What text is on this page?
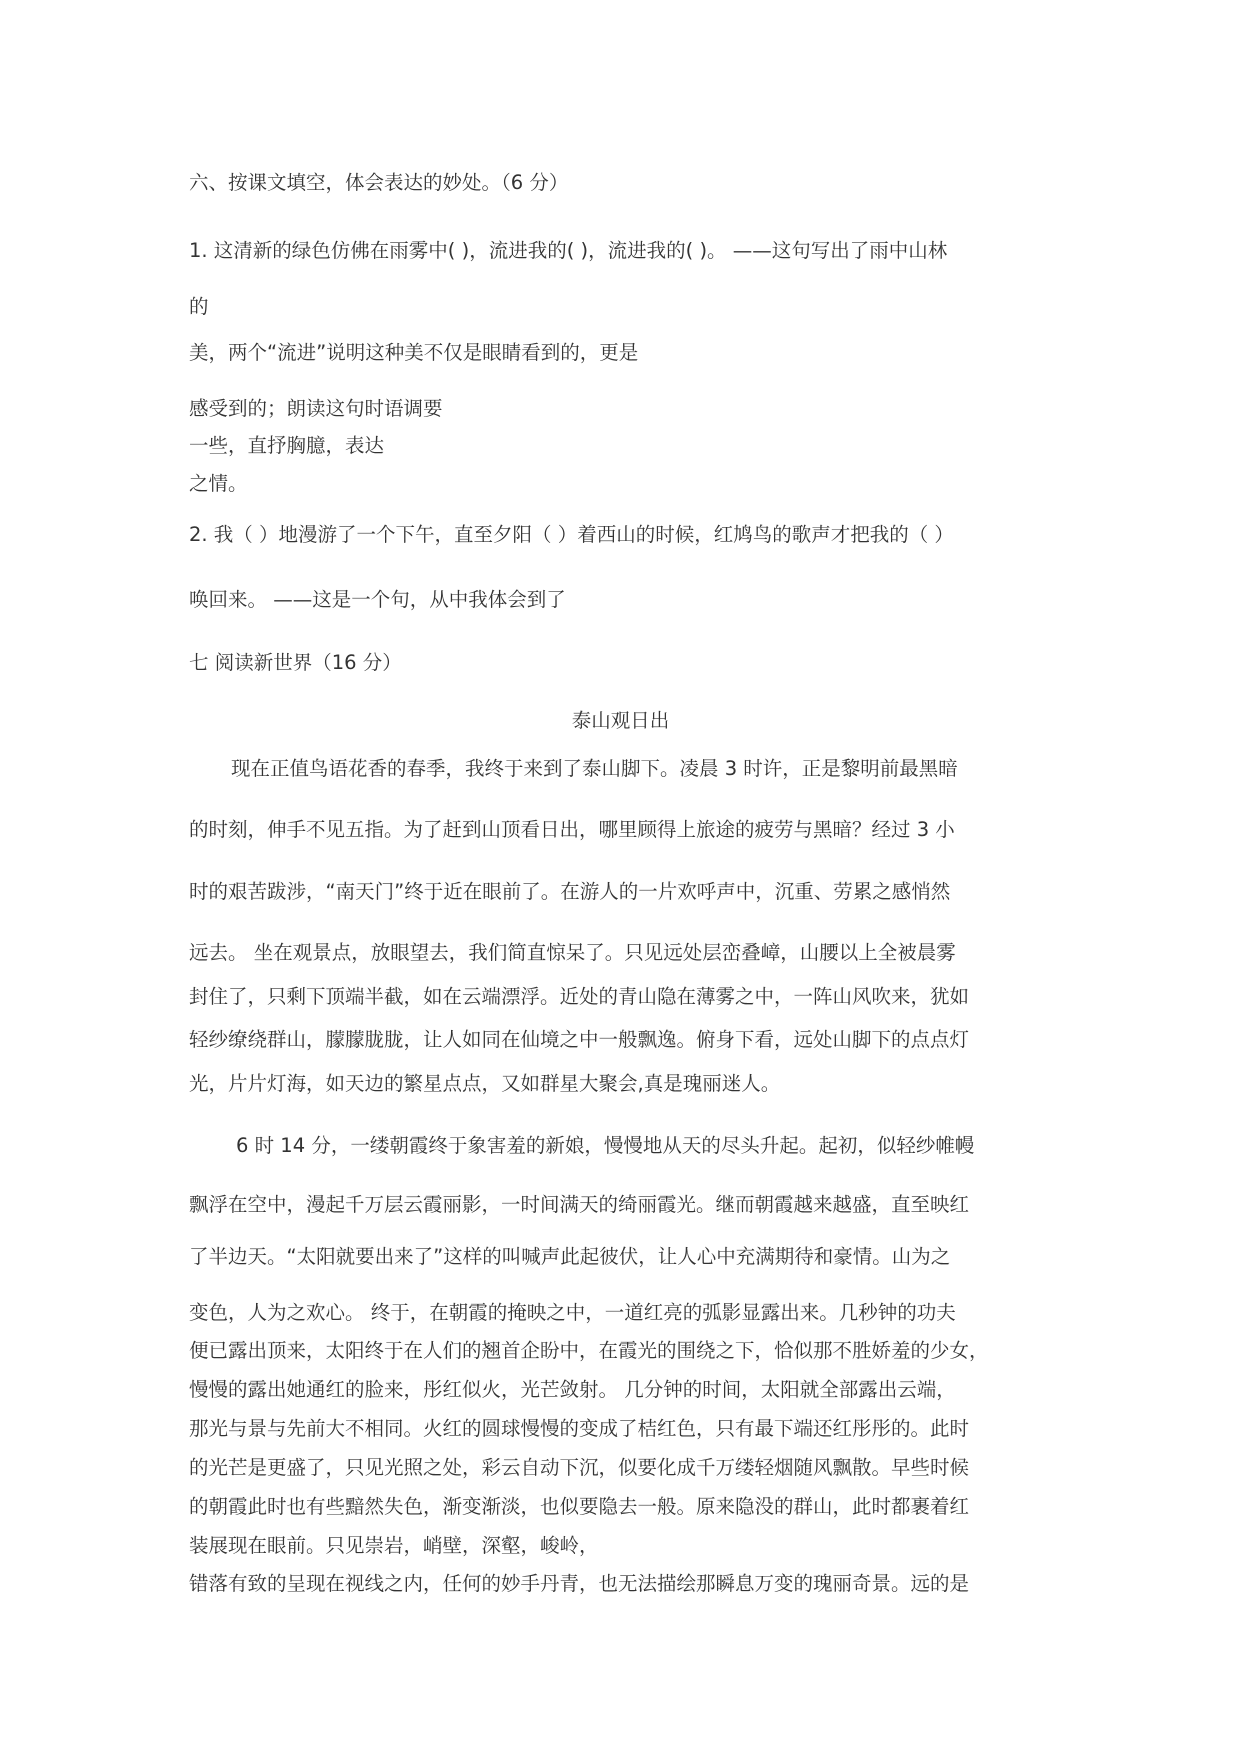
六、按课文填空，体会表达的妙处。（6 分）
1. 这清新的绿色仿佛在雨雾中( )，流进我的( )，流进我的( )。 ——这句写出了雨中山林
的
美，两个“流进”说明这种美不仅是眼睛看到的，更是
感受到的；朗读这句时语调要
一些，直抒胸臆，表达
之情。
2. 我（ ）地漫游了一个下午，直至夕阳（ ）着西山的时候，红鸠鸟的歌声才把我的（ ）
唤回来。 ——这是一个句，从中我体会到了
七 阅读新世界（16 分）
泰山观日出
现在正值鸟语花香的春季，我终于来到了泰山脚下。凌晨 3 时许，正是黎明前最黑暗
的时刻，伸手不见五指。为了赶到山顶看日出，哪里顾得上旅途的疲劳与黑暗？经过 3 小
时的艰苦跋涉，“南天门”终于近在眼前了。在游人的一片欢呼声中，沉重、劳累之感悄然
远去。 坐在观景点，放眼望去，我们简直惊呆了。只见远处层峦叠嶂，山腰以上全被晨雾
封住了，只剩下顶端半截，如在云端漂浮。近处的青山隐在薄雾之中，一阵山风吹来，犹如
轻纱缭绕群山，朦朦胧胧，让人如同在仙境之中一般飘逸。俯身下看，远处山脚下的点点灯
光，片片灯海，如天边的繁星点点，又如群星大聚会,真是瑰丽迷人。
6 时 14 分，一缕朝霞终于象害羞的新娘，慢慢地从天的尽头升起。起初，似轻纱帷幔
飘浮在空中，漫起千万层云霞丽影，一时间满天的绮丽霞光。继而朝霞越来越盛，直至映红
了半边天。“太阳就要出来了”这样的叫喊声此起彼伏，让人心中充满期待和豪情。山为之
变色，人为之欢心。 终于，在朝霞的掩映之中，一道红亮的弧影显露出来。几秒钟的功夫
便已露出顶来，太阳终于在人们的翘首企盼中，在霞光的围绕之下，恰似那不胜娇羞的少女，
慢慢的露出她通红的脸来，彤红似火，光芒敛射。 几分钟的时间，太阳就全部露出云端，
那光与景与先前大不相同。火红的圆球慢慢的变成了桔红色，只有最下端还红彤彤的。此时
的光芒是更盛了，只见光照之处，彩云自动下沉，似要化成千万缕轻烟随风飘散。早些时候
的朝霞此时也有些黯然失色，渐变渐淡，也似要隐去一般。原来隐没的群山，此时都裹着红
装展现在眼前。只见崇岩，峭壁，深壑，峻岭，
错落有致的呈现在视线之内，任何的妙手丹青，也无法描绘那瞬息万变的瑰丽奇景。远的是
